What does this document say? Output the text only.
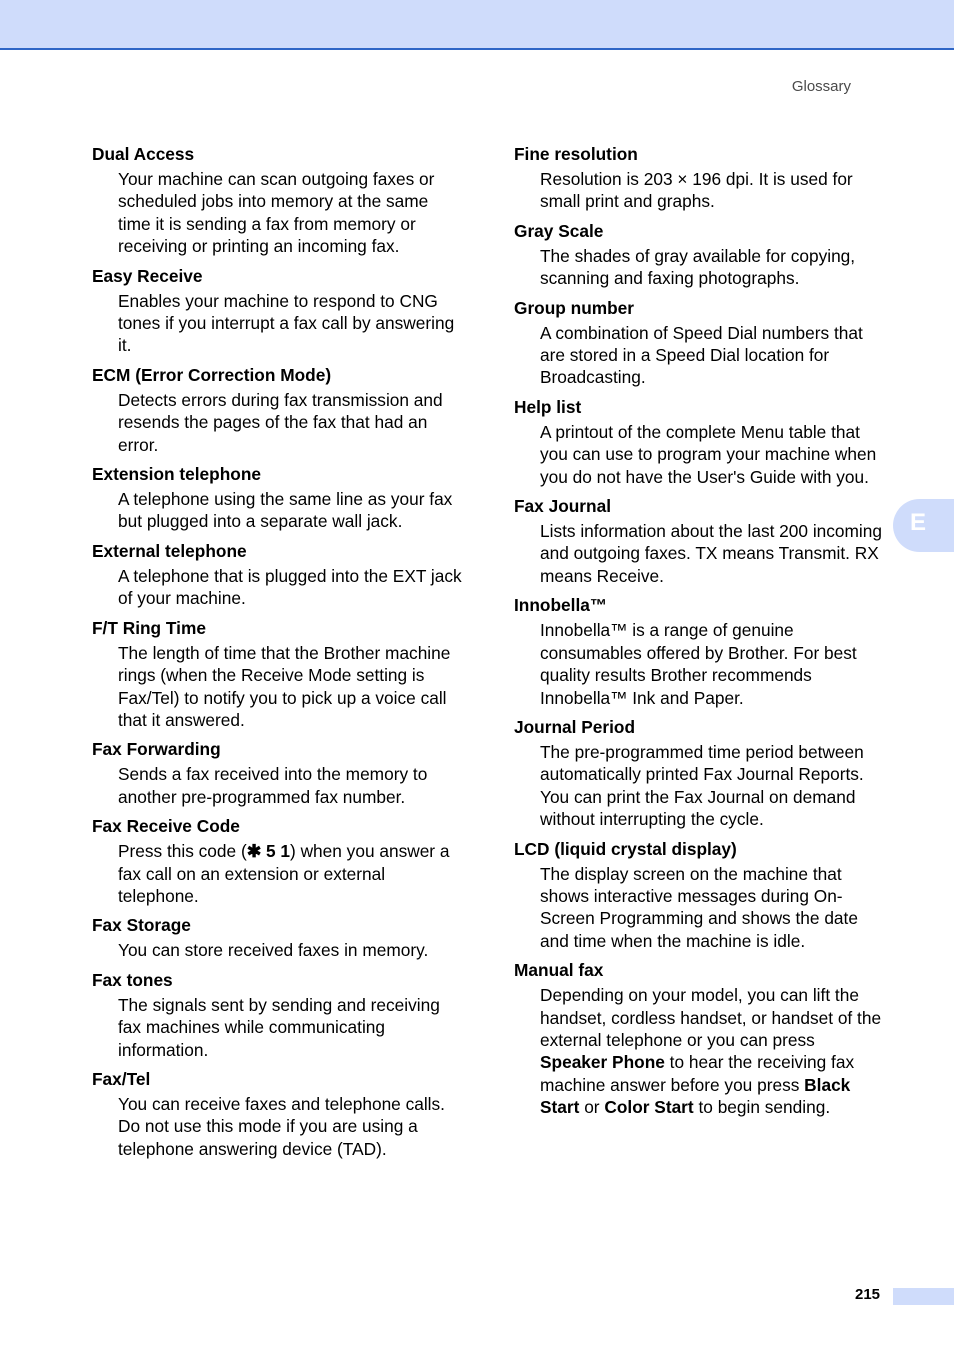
Glossary

Dual Access

Your machine can scan outgoing faxes or scheduled jobs into memory at the same time it is sending a fax from memory or receiving or printing an incoming fax.

Easy Receive

Enables your machine to respond to CNG tones if you interrupt a fax call by answering it.

ECM (Error Correction Mode)

Detects errors during fax transmission and resends the pages of the fax that had an error.

Extension telephone

A telephone using the same line as your fax but plugged into a separate wall jack.

External telephone

A telephone that is plugged into the EXT jack of your machine.

F/T Ring Time

The length of time that the Brother machine rings (when the Receive Mode setting is Fax/Tel) to notify you to pick up a voice call that it answered.

Fax Forwarding

Sends a fax received into the memory to another pre-programmed fax number.

Fax Receive Code

Press this code (✱ 5 1) when you answer a fax call on an extension or external telephone.

Fax Storage

You can store received faxes in memory.

Fax tones

The signals sent by sending and receiving fax machines while communicating information.

Fax/Tel

You can receive faxes and telephone calls. Do not use this mode if you are using a telephone answering device (TAD).

Fine resolution

Resolution is 203 × 196 dpi. It is used for small print and graphs.

Gray Scale

The shades of gray available for copying, scanning and faxing photographs.

Group number

A combination of Speed Dial numbers that are stored in a Speed Dial location for Broadcasting.

Help list

A printout of the complete Menu table that you can use to program your machine when you do not have the User's Guide with you.

Fax Journal

Lists information about the last 200 incoming and outgoing faxes. TX means Transmit. RX means Receive.

Innobella™

Innobella™ is a range of genuine consumables offered by Brother. For best quality results Brother recommends Innobella™ Ink and Paper.

Journal Period

The pre-programmed time period between automatically printed Fax Journal Reports. You can print the Fax Journal on demand without interrupting the cycle.

LCD (liquid crystal display)

The display screen on the machine that shows interactive messages during On-Screen Programming and shows the date and time when the machine is idle.

Manual fax

Depending on your model, you can lift the handset, cordless handset, or handset of the external telephone or you can press Speaker Phone to hear the receiving fax machine answer before you press Black Start or Color Start to begin sending.

E
215
